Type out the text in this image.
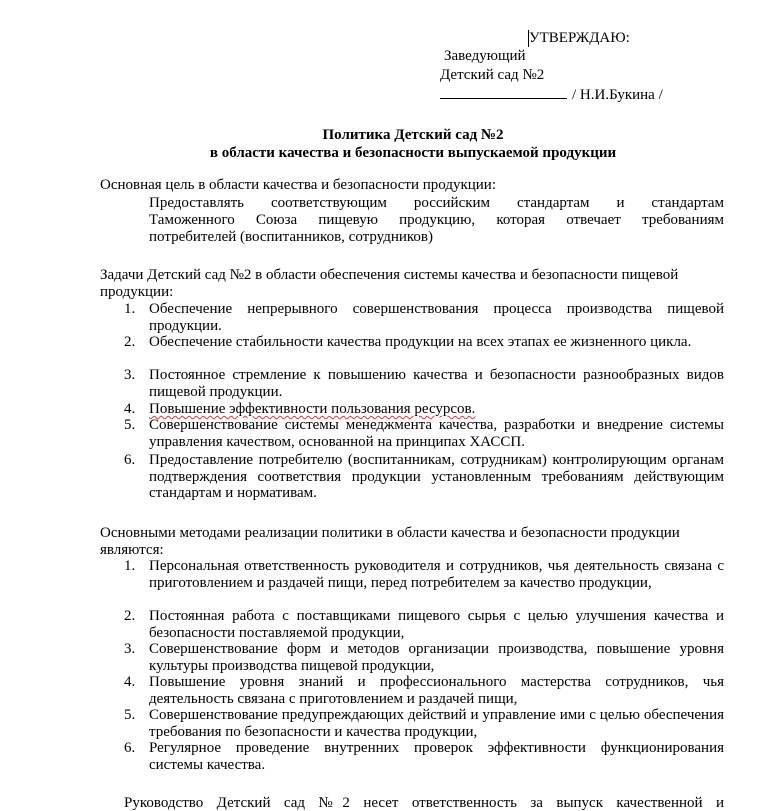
УТВЕРЖДАЮ:
Заведующий
Детский сад №2
/ Н.И.Букина /
Политика Детский сад №2
в области качества и безопасности выпускаемой продукции
Основная цель в области качества и безопасности продукции:
Предоставлять соответствующим российским стандартам и стандартам
Таможенного Союза пищевую продукцию, которая отвечает требованиям
потребителей (воспитанников, сотрудников)
Задачи Детский сад №2 в области обеспечения системы качества и безопасности пищевой
продукции:
1. Обеспечение непрерывного совершенствования процесса производства пищевой продукции.
2. Обеспечение стабильности качества продукции на всех этапах ее жизненного цикла.
3. Постоянное стремление к повышению качества и безопасности разнообразных видов пищевой продукции.
4. Повышение эффективности пользования ресурсов.
5. Совершенствование системы менеджмента качества, разработки и внедрение системы управления качеством, основанной на принципах ХАССП.
6. Предоставление потребителю (воспитанникам, сотрудникам) контролирующим органам подтверждения соответствия продукции установленным требованиям действующим стандартам и нормативам.
Основными методами реализации политики в области качества и безопасности продукции
являются:
1. Персональная ответственность руководителя и сотрудников, чья деятельность связана с приготовлением и раздачей пищи, перед потребителем за качество продукции,
2. Постоянная работа с поставщиками пищевого сырья с целью улучшения качества и безопасности поставляемой продукции,
3. Совершенствование форм и методов организации производства, повышение уровня культуры производства пищевой продукции,
4. Повышение уровня знаний и профессионального мастерства сотрудников, чья деятельность связана с приготовлением и раздачей пищи,
5. Совершенствование предупреждающих действий и управление ими с целью обеспечения требования по безопасности и качества продукции,
6. Регулярное проведение внутренних проверок эффективности функционирования системы качества.
Руководство Детский сад №2 несет ответственность за выпуск качественной и
